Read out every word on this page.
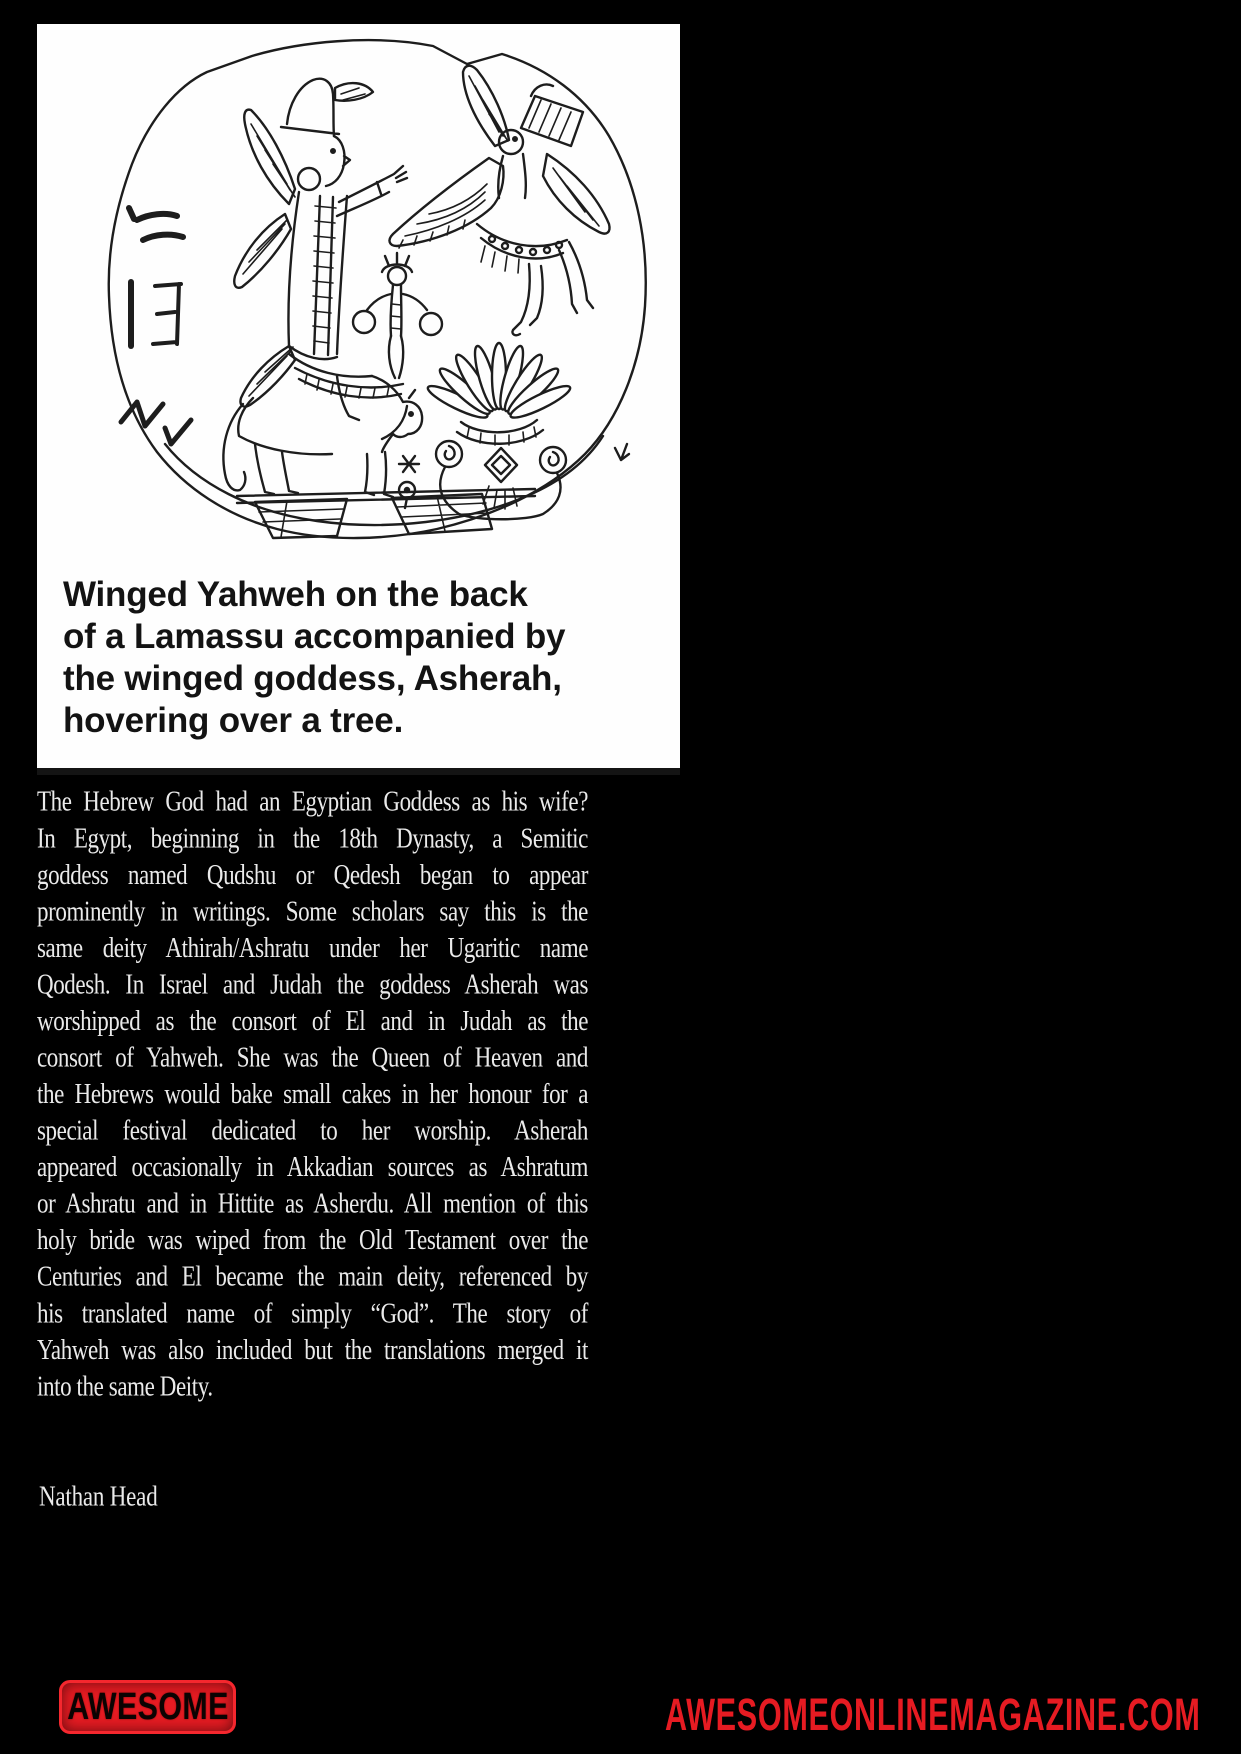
Winged Yahweh on the back
of a Lamassu accompanied by
the winged goddess, Asherah,
hovering over a tree.
The Hebrew God had an Egyptian Goddess as his wife?
In Egypt, beginning in the 18th Dynasty, a Semitic
goddess named Qudshu or Qedesh began to appear
prominently in writings. Some scholars say this is the
same deity Athirah/Ashratu under her Ugaritic name
Qodesh. In Israel and Judah the goddess Asherah was
worshipped as the consort of El and in Judah as the
consort of Yahweh. She was the Queen of Heaven and
the Hebrews would bake small cakes in her honour for a
special festival dedicated to her worship. Asherah
appeared occasionally in Akkadian sources as Ashratum
or Ashratu and in Hittite as Asherdu. All mention of this
holy bride was wiped from the Old Testament over the
Centuries and El became the main deity, referenced by
his translated name of simply “God”. The story of
Yahweh was also included but the translations merged it
into the same Deity.
Nathan Head
AWESOME	AWESOMEONLINEMAGAZINE.COM
